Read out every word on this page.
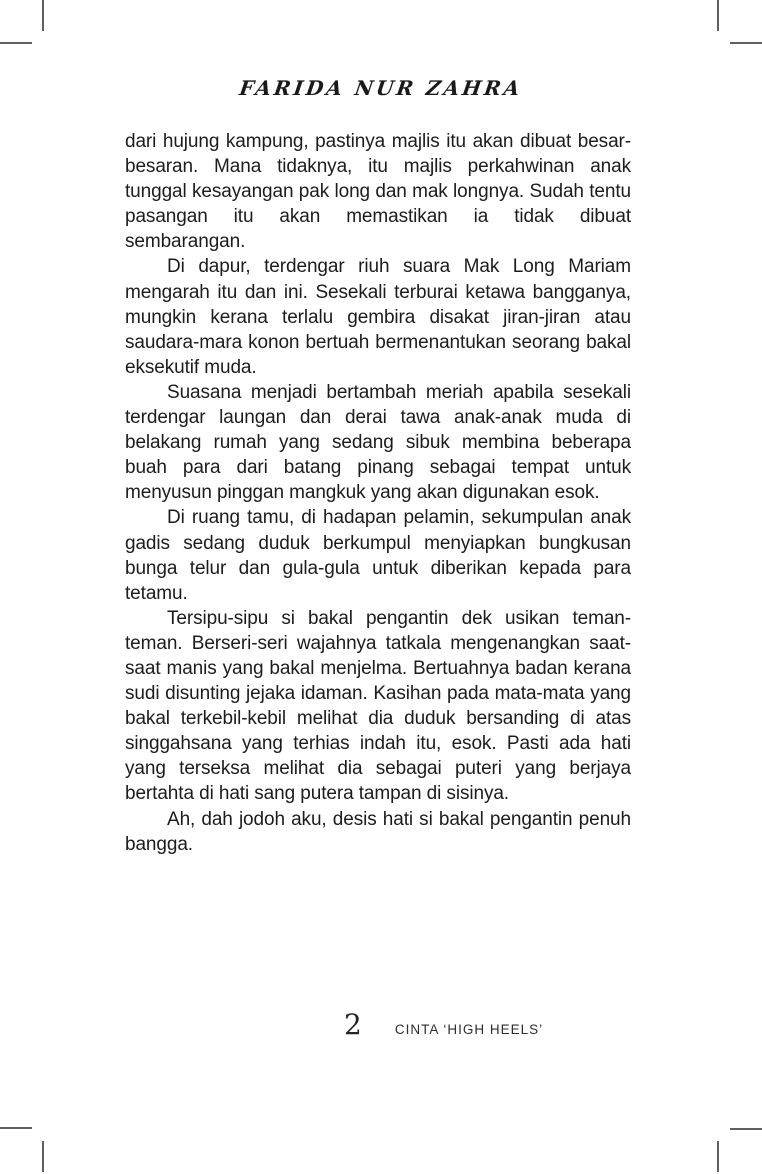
FARIDA NUR ZAHRA

dari hujung kampung, pastinya majlis itu akan dibuat besar-besaran. Mana tidaknya, itu majlis perkahwinan anak tunggal kesayangan pak long dan mak longnya. Sudah tentu pasangan itu akan memastikan ia tidak dibuat sembarangan.

Di dapur, terdengar riuh suara Mak Long Mariam mengarah itu dan ini. Sesekali terburai ketawa bangganya, mungkin kerana terlalu gembira disakat jiran-jiran atau saudara-mara konon bertuah bermenantukan seorang bakal eksekutif muda.

Suasana menjadi bertambah meriah apabila sesekali terdengar laungan dan derai tawa anak-anak muda di belakang rumah yang sedang sibuk membina beberapa buah para dari batang pinang sebagai tempat untuk menyusun pinggan mangkuk yang akan digunakan esok.

Di ruang tamu, di hadapan pelamin, sekumpulan anak gadis sedang duduk berkumpul menyiapkan bungkusan bunga telur dan gula-gula untuk diberikan kepada para tetamu.

Tersipu-sipu si bakal pengantin dek usikan teman-teman. Berseri-seri wajahnya tatkala mengenangkan saat-saat manis yang bakal menjelma. Bertuahnya badan kerana sudi disunting jejaka idaman. Kasihan pada mata-mata yang bakal terkebil-kebil melihat dia duduk bersanding di atas singgahsana yang terhias indah itu, esok. Pasti ada hati yang terseksa melihat dia sebagai puteri yang berjaya bertahta di hati sang putera tampan di sisinya.

Ah, dah jodoh aku, desis hati si bakal pengantin penuh bangga.

2 CINTA ‘HIGH HEELS’
